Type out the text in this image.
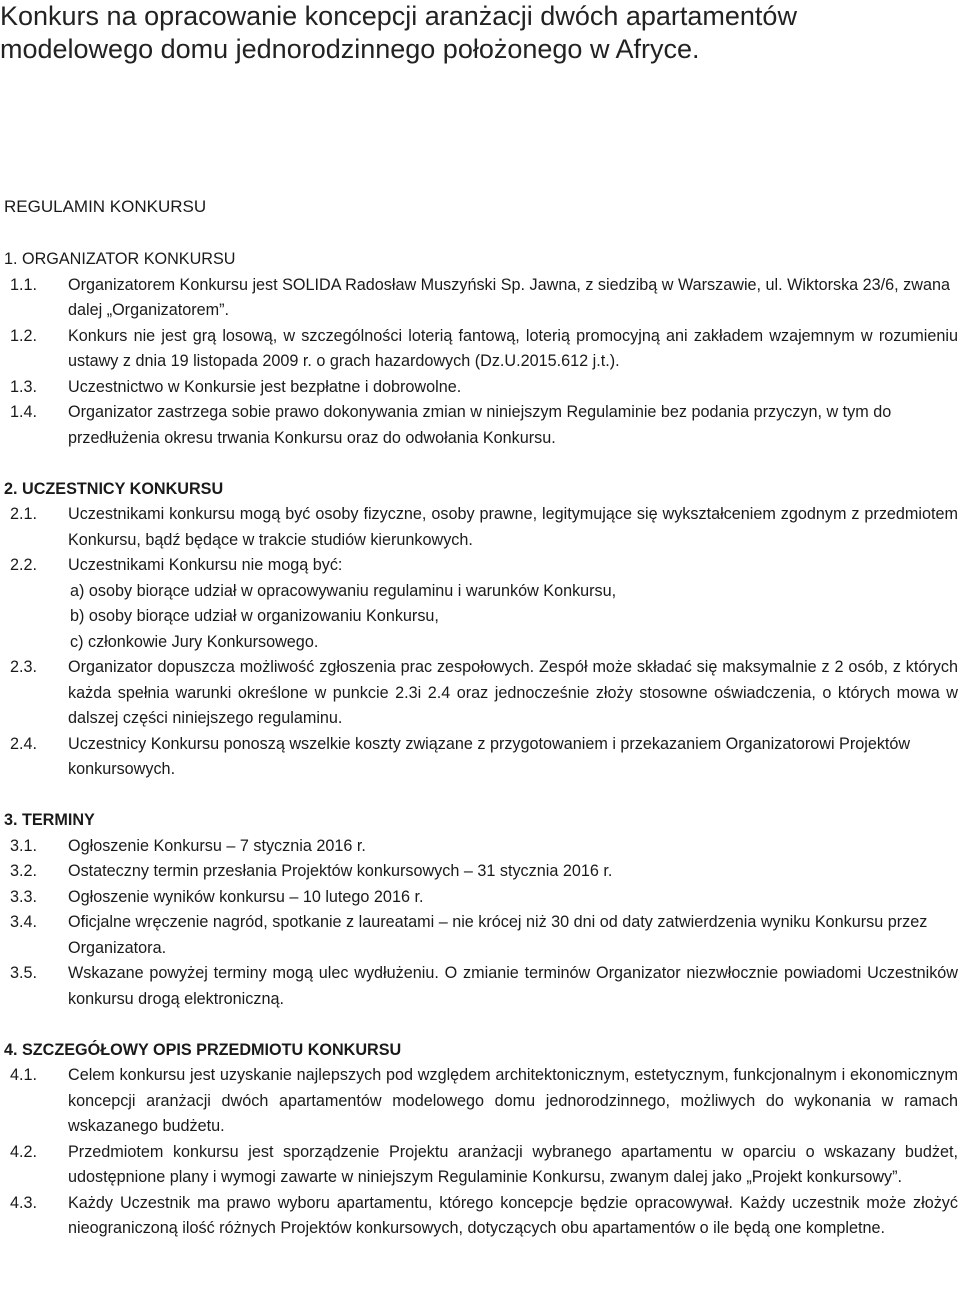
Konkurs na opracowanie koncepcji aranżacji dwóch apartamentów
modelowego domu jednorodzinnego położonego w Afryce.
REGULAMIN KONKURSU
1. ORGANIZATOR KONKURSU
1.1.	Organizatorem Konkursu jest SOLIDA Radosław Muszyński Sp. Jawna, z siedzibą w Warszawie, ul. Wiktorska 23/6, zwana dalej „Organizatorem”.
1.2.	Konkurs nie jest grą losową, w szczególności loterią fantową, loterią promocyjną ani zakładem wzajemnym w rozumieniu ustawy z dnia 19 listopada 2009 r. o grach hazardowych (Dz.U.2015.612 j.t.).
1.3.	Uczestnictwo w Konkursie jest bezpłatne i dobrowolne.
1.4.	Organizator zastrzega sobie prawo dokonywania zmian w niniejszym Regulaminie bez podania przyczyn, w tym do przedłużenia okresu trwania Konkursu oraz do odwołania Konkursu.
2. UCZESTNICY KONKURSU
2.1.	Uczestnikami konkursu mogą być osoby fizyczne, osoby prawne, legitymujące się wykształceniem zgodnym z przedmiotem Konkursu, bądź będące w trakcie studiów kierunkowych.
2.2.	Uczestnikami Konkursu nie mogą być:
a) osoby biorące udział w opracowywaniu regulaminu i warunków Konkursu,
b) osoby biorące udział w organizowaniu Konkursu,
c) członkowie Jury Konkursowego.
2.3.	Organizator dopuszcza możliwość zgłoszenia prac zespołowych. Zespół może składać się maksymalnie z 2 osób, z których każda spełnia warunki określone w punkcie 2.3i 2.4 oraz jednocześnie złoży stosowne oświadczenia, o których mowa w dalszej części niniejszego regulaminu.
2.4.	Uczestnicy Konkursu ponoszą wszelkie koszty związane z przygotowaniem i przekazaniem Organizatorowi Projektów konkursowych.
3. TERMINY
3.1.	Ogłoszenie Konkursu – 7 stycznia 2016 r.
3.2.	Ostateczny termin przesłania Projektów konkursowych – 31 stycznia 2016 r.
3.3.	Ogłoszenie wyników konkursu – 10 lutego 2016 r.
3.4.	Oficjalne wręczenie nagród, spotkanie z laureatami – nie krócej niż 30 dni od daty zatwierdzenia wyniku Konkursu przez Organizatora.
3.5.	Wskazane powyżej terminy mogą ulec wydłużeniu. O zmianie terminów Organizator niezwłocznie powiadomi Uczestników konkursu drogą elektroniczną.
4. SZCZEGÓŁOWY OPIS PRZEDMIOTU KONKURSU
4.1.	Celem konkursu jest uzyskanie najlepszych pod względem architektonicznym, estetycznym, funkcjonalnym i ekonomicznym koncepcji aranżacji dwóch apartamentów modelowego domu jednorodzinnego, możliwych do wykonania w ramach wskazanego budżetu.
4.2.	Przedmiotem konkursu jest sporządzenie Projektu aranżacji wybranego apartamentu w oparciu o wskazany budżet, udostępnione plany i wymogi zawarte w niniejszym Regulaminie Konkursu, zwanym dalej jako „Projekt konkursowy”.
4.3.	Każdy Uczestnik ma prawo wyboru apartamentu, którego koncepcje będzie opracowywał. Każdy uczestnik może złożyć nieograniczoną ilość różnych Projektów konkursowych, dotyczących obu apartamentów o ile będą one kompletne.
